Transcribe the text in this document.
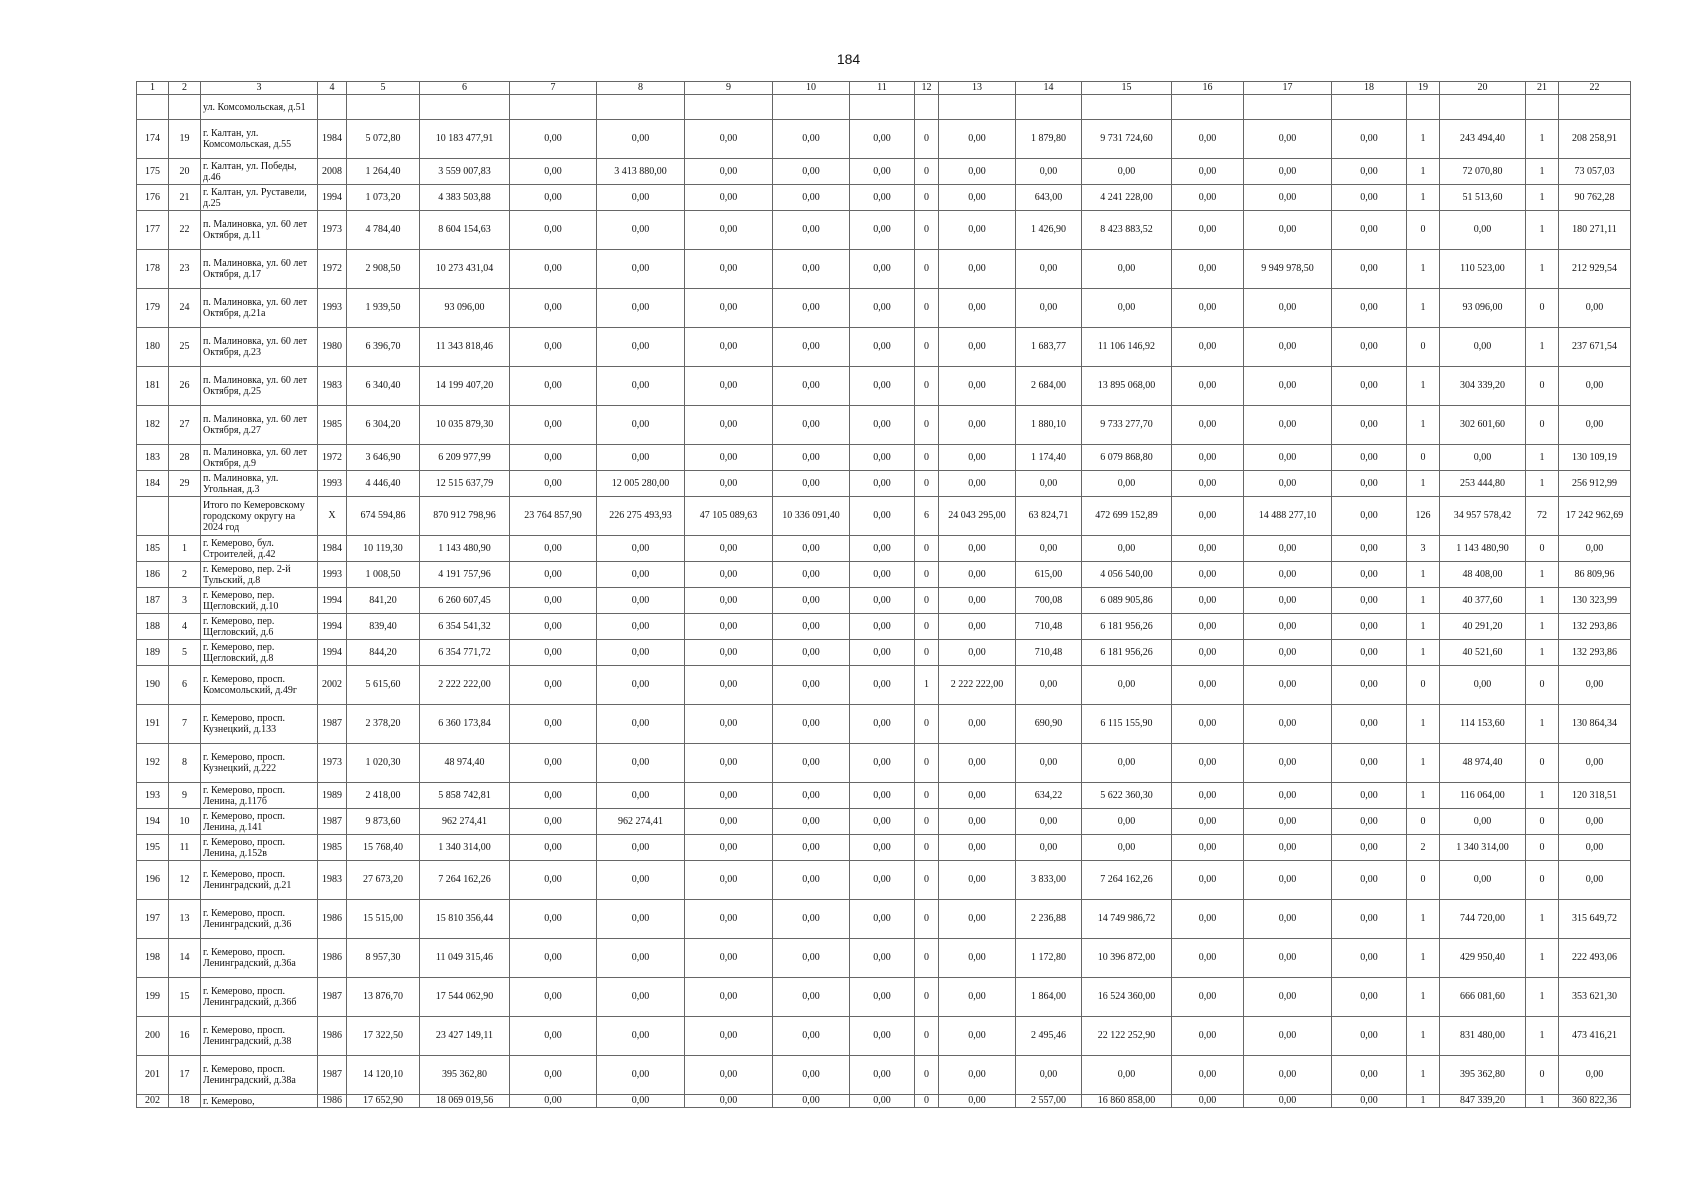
184
1	2	3	4	5	6	7	8	9	10	11	12	13	14	15	16	17	18	19	20	21	22
		ул. Комсомольская, д.51																			
174	19	г. Калтан, ул. Комсомольская, д.55	1984	5 072,80	10 183 477,91	0,00	0,00	0,00	0,00	0,00	0	0,00	1 879,80	9 731 724,60	0,00	0,00	0,00	1	243 494,40	1	208 258,91
175	20	г. Калтан, ул. Победы, д.46	2008	1 264,40	3 559 007,83	0,00	3 413 880,00	0,00	0,00	0,00	0	0,00	0,00	0,00	0,00	0,00	0,00	1	72 070,80	1	73 057,03
176	21	г. Калтан, ул. Руставели, д.25	1994	1 073,20	4 383 503,88	0,00	0,00	0,00	0,00	0,00	0	0,00	643,00	4 241 228,00	0,00	0,00	0,00	1	51 513,60	1	90 762,28
177	22	п. Малиновка, ул. 60 лет Октября, д.11	1973	4 784,40	8 604 154,63	0,00	0,00	0,00	0,00	0,00	0	0,00	1 426,90	8 423 883,52	0,00	0,00	0,00	0	0,00	1	180 271,11
178	23	п. Малиновка, ул. 60 лет Октября, д.17	1972	2 908,50	10 273 431,04	0,00	0,00	0,00	0,00	0,00	0	0,00	0,00	0,00	0,00	9 949 978,50	0,00	1	110 523,00	1	212 929,54
179	24	п. Малиновка, ул. 60 лет Октября, д.21а	1993	1 939,50	93 096,00	0,00	0,00	0,00	0,00	0,00	0	0,00	0,00	0,00	0,00	0,00	0,00	1	93 096,00	0	0,00
180	25	п. Малиновка, ул. 60 лет Октября, д.23	1980	6 396,70	11 343 818,46	0,00	0,00	0,00	0,00	0,00	0	0,00	1 683,77	11 106 146,92	0,00	0,00	0,00	0	0,00	1	237 671,54
181	26	п. Малиновка, ул. 60 лет Октября, д.25	1983	6 340,40	14 199 407,20	0,00	0,00	0,00	0,00	0,00	0	0,00	2 684,00	13 895 068,00	0,00	0,00	0,00	1	304 339,20	0	0,00
182	27	п. Малиновка, ул. 60 лет Октября, д.27	1985	6 304,20	10 035 879,30	0,00	0,00	0,00	0,00	0,00	0	0,00	1 880,10	9 733 277,70	0,00	0,00	0,00	1	302 601,60	0	0,00
183	28	п. Малиновка, ул. 60 лет Октября, д.9	1972	3 646,90	6 209 977,99	0,00	0,00	0,00	0,00	0,00	0	0,00	1 174,40	6 079 868,80	0,00	0,00	0,00	0	0,00	1	130 109,19
184	29	п. Малиновка, ул. Угольная, д.3	1993	4 446,40	12 515 637,79	0,00	12 005 280,00	0,00	0,00	0,00	0	0,00	0,00	0,00	0,00	0,00	0,00	1	253 444,80	1	256 912,99
		Итого по Кемеровскому городскому округу на 2024 год	X	674 594,86	870 912 798,96	23 764 857,90	226 275 493,93	47 105 089,63	10 336 091,40	0,00	6	24 043 295,00	63 824,71	472 699 152,89	0,00	14 488 277,10	0,00	126	34 957 578,42	72	17 242 962,69
185	1	г. Кемерово, бул. Строителей, д.42	1984	10 119,30	1 143 480,90	0,00	0,00	0,00	0,00	0,00	0	0,00	0,00	0,00	0,00	0,00	0,00	3	1 143 480,90	0	0,00
186	2	г. Кемерово, пер. 2-й Тульский, д.8	1993	1 008,50	4 191 757,96	0,00	0,00	0,00	0,00	0,00	0	0,00	615,00	4 056 540,00	0,00	0,00	0,00	1	48 408,00	1	86 809,96
187	3	г. Кемерово, пер. Щегловский, д.10	1994	841,20	6 260 607,45	0,00	0,00	0,00	0,00	0,00	0	0,00	700,08	6 089 905,86	0,00	0,00	0,00	1	40 377,60	1	130 323,99
188	4	г. Кемерово, пер. Щегловский, д.6	1994	839,40	6 354 541,32	0,00	0,00	0,00	0,00	0,00	0	0,00	710,48	6 181 956,26	0,00	0,00	0,00	1	40 291,20	1	132 293,86
189	5	г. Кемерово, пер. Щегловский, д.8	1994	844,20	6 354 771,72	0,00	0,00	0,00	0,00	0,00	0	0,00	710,48	6 181 956,26	0,00	0,00	0,00	1	40 521,60	1	132 293,86
190	6	г. Кемерово, просп. Комсомольский, д.49г	2002	5 615,60	2 222 222,00	0,00	0,00	0,00	0,00	0,00	1	2 222 222,00	0,00	0,00	0,00	0,00	0,00	0	0,00	0	0,00
191	7	г. Кемерово, просп. Кузнецкий, д.133	1987	2 378,20	6 360 173,84	0,00	0,00	0,00	0,00	0,00	0	0,00	690,90	6 115 155,90	0,00	0,00	0,00	1	114 153,60	1	130 864,34
192	8	г. Кемерово, просп. Кузнецкий, д.222	1973	1 020,30	48 974,40	0,00	0,00	0,00	0,00	0,00	0	0,00	0,00	0,00	0,00	0,00	0,00	1	48 974,40	0	0,00
193	9	г. Кемерово, просп. Ленина, д.117б	1989	2 418,00	5 858 742,81	0,00	0,00	0,00	0,00	0,00	0	0,00	634,22	5 622 360,30	0,00	0,00	0,00	1	116 064,00	1	120 318,51
194	10	г. Кемерово, просп. Ленина, д.141	1987	9 873,60	962 274,41	0,00	962 274,41	0,00	0,00	0,00	0	0,00	0,00	0,00	0,00	0,00	0,00	0	0,00	0	0,00
195	11	г. Кемерово, просп. Ленина, д.152в	1985	15 768,40	1 340 314,00	0,00	0,00	0,00	0,00	0,00	0	0,00	0,00	0,00	0,00	0,00	0,00	2	1 340 314,00	0	0,00
196	12	г. Кемерово, просп. Ленинградский, д.21	1983	27 673,20	7 264 162,26	0,00	0,00	0,00	0,00	0,00	0	0,00	3 833,00	7 264 162,26	0,00	0,00	0,00	0	0,00	0	0,00
197	13	г. Кемерово, просп. Ленинградский, д.36	1986	15 515,00	15 810 356,44	0,00	0,00	0,00	0,00	0,00	0	0,00	2 236,88	14 749 986,72	0,00	0,00	0,00	1	744 720,00	1	315 649,72
198	14	г. Кемерово, просп. Ленинградский, д.36а	1986	8 957,30	11 049 315,46	0,00	0,00	0,00	0,00	0,00	0	0,00	1 172,80	10 396 872,00	0,00	0,00	0,00	1	429 950,40	1	222 493,06
199	15	г. Кемерово, просп. Ленинградский, д.36б	1987	13 876,70	17 544 062,90	0,00	0,00	0,00	0,00	0,00	0	0,00	1 864,00	16 524 360,00	0,00	0,00	0,00	1	666 081,60	1	353 621,30
200	16	г. Кемерово, просп. Ленинградский, д.38	1986	17 322,50	23 427 149,11	0,00	0,00	0,00	0,00	0,00	0	0,00	2 495,46	22 122 252,90	0,00	0,00	0,00	1	831 480,00	1	473 416,21
201	17	г. Кемерово, просп. Ленинградский, д.38а	1987	14 120,10	395 362,80	0,00	0,00	0,00	0,00	0,00	0	0,00	0,00	0,00	0,00	0,00	0,00	1	395 362,80	0	0,00
202	18	г. Кемерово,	1986	17 652,90	18 069 019,56	0,00	0,00	0,00	0,00	0,00	0	0,00	2 557,00	16 860 858,00	0,00	0,00	0,00	1	847 339,20	1	360 822,36
